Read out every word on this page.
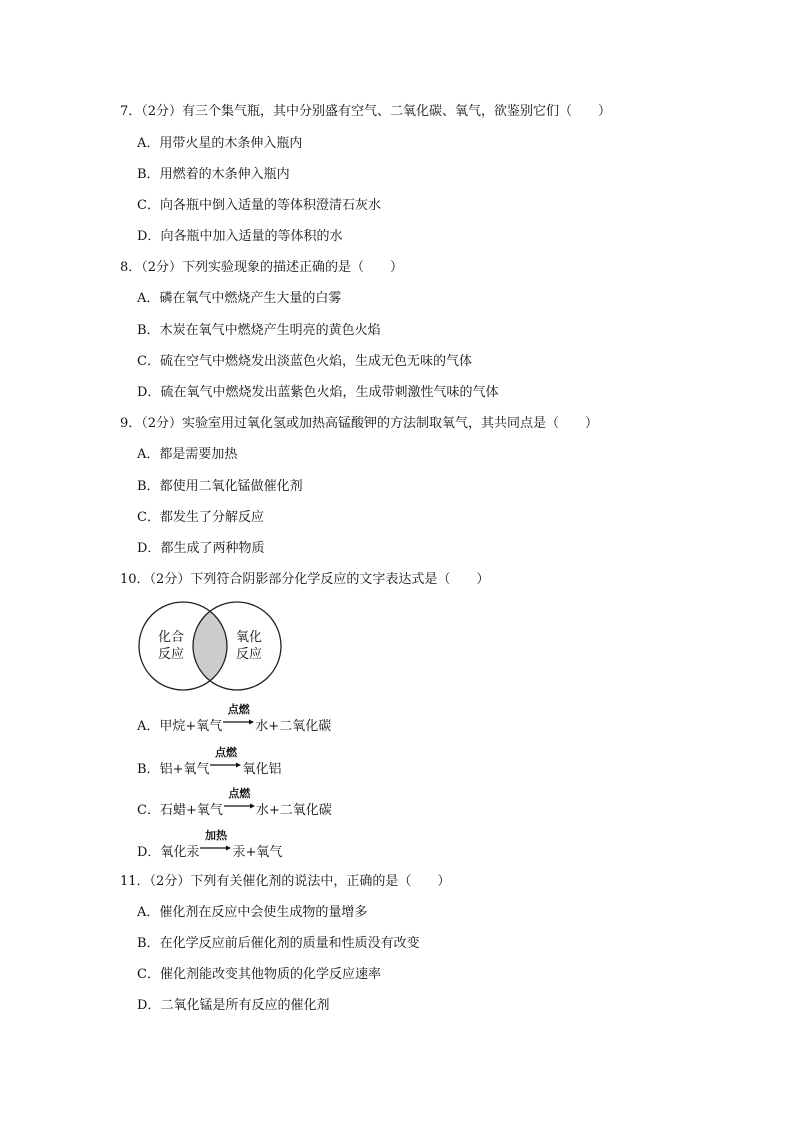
7．（2分）有三个集气瓶，其中分别盛有空气、二氧化碳、氧气，欲鉴别它们（　　）
A．用带火星的木条伸入瓶内
B．用燃着的木条伸入瓶内
C．向各瓶中倒入适量的等体积澄清石灰水
D．向各瓶中加入适量的等体积的水
8．（2分）下列实验现象的描述正确的是（　　）
A．磷在氧气中燃烧产生大量的白雾
B．木炭在氧气中燃烧产生明亮的黄色火焰
C．硫在空气中燃烧发出淡蓝色火焰，生成无色无味的气体
D．硫在氧气中燃烧发出蓝紫色火焰，生成带刺激性气味的气体
9．（2分）实验室用过氧化氢或加热高锰酸钾的方法制取氧气，其共同点是（　　）
A．都是需要加热
B．都使用二氧化锰做催化剂
C．都发生了分解反应
D．都生成了两种物质
10．（2分）下列符合阴影部分化学反应的文字表达式是（　　）
化合
反应
氧化
反应
A．甲烷+氧气
点燃
水+二氧化碳
B．铝+氧气
点燃
氧化铝
C．石蜡+氧气
点燃
水+二氧化碳
D．氧化汞
加热
汞+氧气
11．（2分）下列有关催化剂的说法中，正确的是（　　）
A．催化剂在反应中会使生成物的量增多
B．在化学反应前后催化剂的质量和性质没有改变
C．催化剂能改变其他物质的化学反应速率
D．二氧化锰是所有反应的催化剂
